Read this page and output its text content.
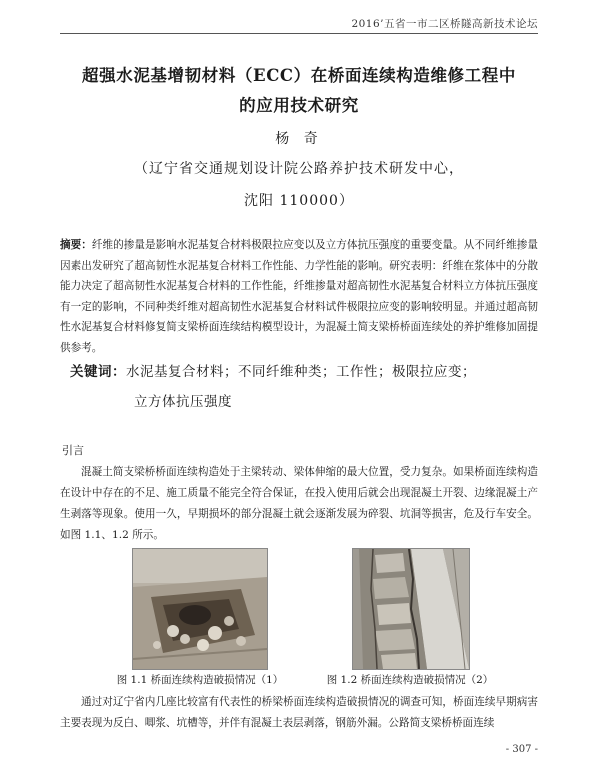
2016’五省一市二区桥隧高新技术论坛
超强水泥基增韧材料（ECC）在桥面连续构造维修工程中
的应用技术研究
杨 奇
（辽宁省交通规划设计院公路养护技术研发中心，
沈阳 110000）
摘要：纤维的掺量是影响水泥基复合材料极限拉应变以及立方体抗压强度的重要变量。从不同纤维掺量因素出发研究了超高韧性水泥基复合材料工作性能、力学性能的影响。研究表明：纤维在浆体中的分散能力决定了超高韧性水泥基复合材料的工作性能，纤维掺量对超高韧性水泥基复合材料立方体抗压强度有一定的影响，不同种类纤维对超高韧性水泥基复合材料试件极限拉应变的影响较明显。并通过超高韧性水泥基复合材料修复简支梁桥面连续结构模型设计，为混凝土简支梁桥桥面连续处的养护维修加固提供参考。
关键词：水泥基复合材料；不同纤维种类；工作性；极限拉应变；
立方体抗压强度
引言
混凝土简支梁桥桥面连续构造处于主梁转动、梁体伸缩的最大位置，受力复杂。如果桥面连续构造在设计中存在的不足、施工质量不能完全符合保证，在投入使用后就会出现混凝土开裂、边缘混凝土产生剥落等现象。使用一久，早期损坏的部分混凝土就会逐渐发展为碎裂、坑洞等损害，危及行车安全。如图 1.1、1.2 所示。
图 1.1 桥面连续构造破损情况（1）	图 1.2 桥面连续构造破损情况（2）
通过对辽宁省内几座比较富有代表性的桥梁桥面连续构造破损情况的调查可知，桥面连续早期病害主要表现为反白、唧浆、坑槽等，并伴有混凝土表层剥落，钢筋外漏。公路简支梁桥桥面连续
- 307 -
